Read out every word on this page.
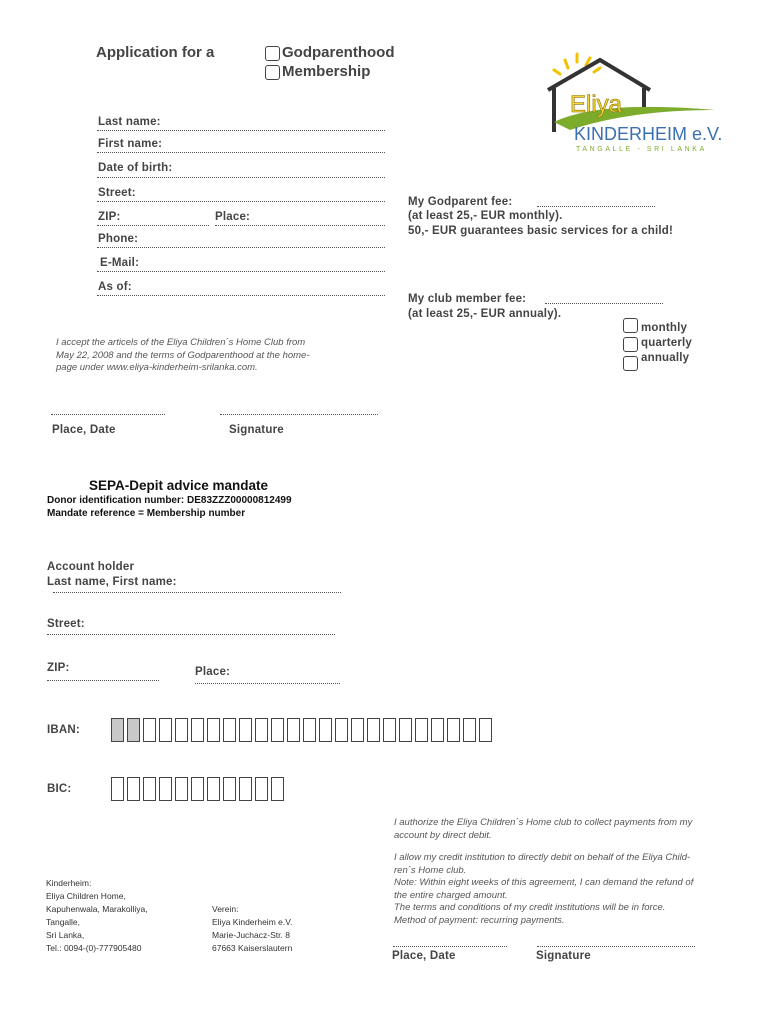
Application for a	Godparenthood
Membership
Eliya
KINDERHEIM e.V.
TANGALLE - SRI LANKA
Last name:
First name:
Date of birth:
Street:
ZIP:	Place:
Phone:
E-Mail:
As of:
My Godparent fee:
(at least 25,- EUR monthly).
50,- EUR guarantees basic services for a child!
My club member fee:
(at least 25,- EUR annualy).
monthly
quarterly
annually
I accept the articels of the Eliya Children´s Home Club from
May 22, 2008 and the terms of Godparenthood at the home-
page under www.eliya-kinderheim-srilanka.com.
Place, Date	Signature
SEPA-Depit advice mandate
Donor identification number: DE83ZZZ00000812499
Mandate reference = Membership number
Account holder
Last name, First name:
Street:
ZIP:	Place:
IBAN:
BIC:
I authorize the Eliya Children´s Home club to collect payments from my
account by direct debit.
I allow my credit institution to directly debit on behalf of the Eliya Child-
ren´s Home club.
Note: Within eight weeks of this agreement, I can demand the refund of
the entire charged amount.
The terms and conditions of my credit institutions will be in force.
Method of payment: recurring payments.
Kinderheim:
Eliya Children Home,
Kapuhenwala, Marakolliya,
Tangalle,
Sri Lanka,
Tel.: 0094-(0)-777905480
Verein:
Eliya Kinderheim e.V.
Marie-Juchacz-Str. 8
67663 Kaiserslautern
Place, Date	Signature
